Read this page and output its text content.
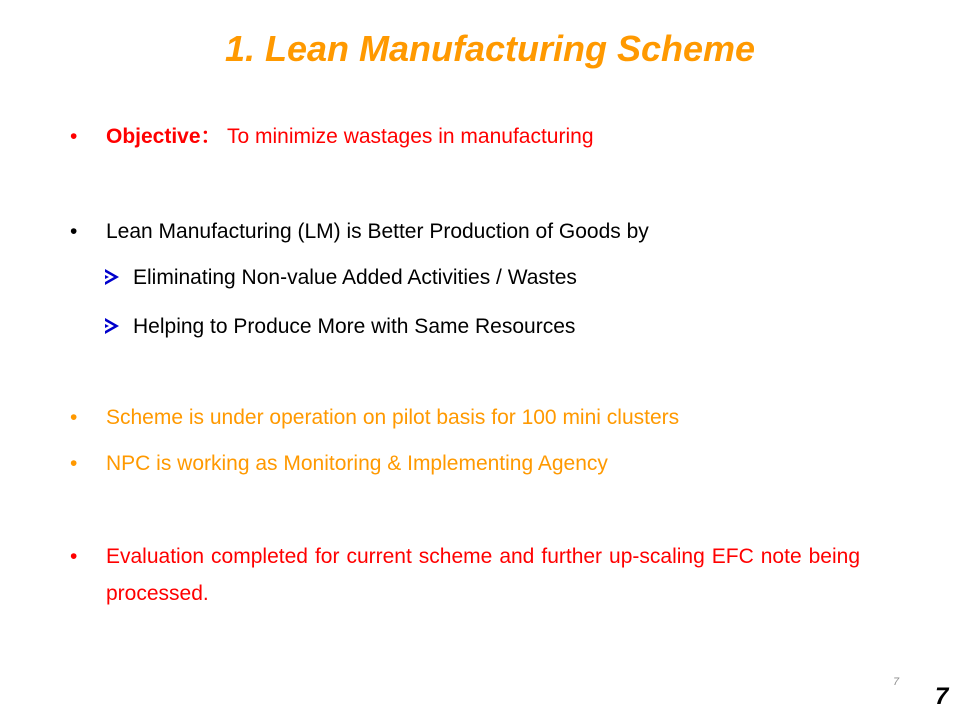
1. Lean Manufacturing Scheme
• Objective： To minimize wastages in manufacturing
• Lean Manufacturing (LM) is Better Production of Goods by
Eliminating Non-value Added Activities / Wastes
Helping to Produce More with Same Resources
• Scheme is under operation on pilot basis for 100 mini clusters
• NPC is working as Monitoring & Implementing Agency
• Evaluation completed for current scheme and further up-scaling EFC note being processed.
7
7
